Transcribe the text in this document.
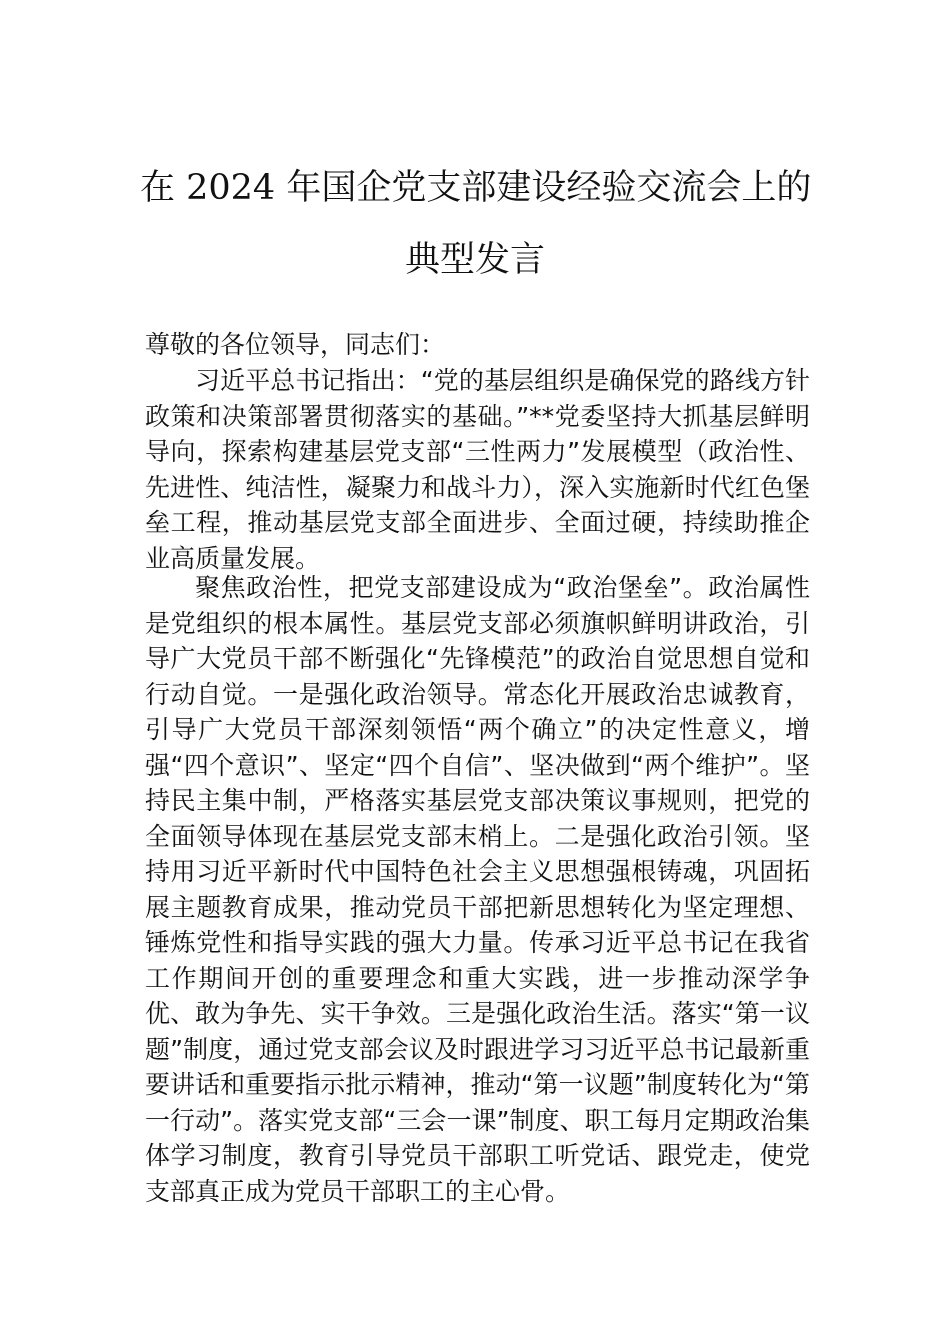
在 2024 年国企党支部建设经验交流会上的
典型发言

尊敬的各位领导，同志们：

习近平总书记指出：“党的基层组织是确保党的路线方针政策和决策部署贯彻落实的基础。”**党委坚持大抓基层鲜明导向，探索构建基层党支部“三性两力”发展模型（政治性、先进性、纯洁性，凝聚力和战斗力），深入实施新时代红色堡垒工程，推动基层党支部全面进步、全面过硬，持续助推企业高质量发展。

聚焦政治性，把党支部建设成为“政治堡垒”。政治属性是党组织的根本属性。基层党支部必须旗帜鲜明讲政治，引导广大党员干部不断强化“先锋模范”的政治自觉思想自觉和行动自觉。一是强化政治领导。常态化开展政治忠诚教育，引导广大党员干部深刻领悟“两个确立”的决定性意义，增强“四个意识”、坚定“四个自信”、坚决做到“两个维护”。坚持民主集中制，严格落实基层党支部决策议事规则，把党的全面领导体现在基层党支部末梢上。二是强化政治引领。坚持用习近平新时代中国特色社会主义思想强根铸魂，巩固拓展主题教育成果，推动党员干部把新思想转化为坚定理想、锤炼党性和指导实践的强大力量。传承习近平总书记在我省工作期间开创的重要理念和重大实践，进一步推动深学争优、敢为争先、实干争效。三是强化政治生活。落实“第一议题”制度，通过党支部会议及时跟进学习习近平总书记最新重要讲话和重要指示批示精神，推动“第一议题”制度转化为“第一行动”。落实党支部“三会一课”制度、职工每月定期政治集体学习制度，教育引导党员干部职工听党话、跟党走，使党支部真正成为党员干部职工的主心骨。
